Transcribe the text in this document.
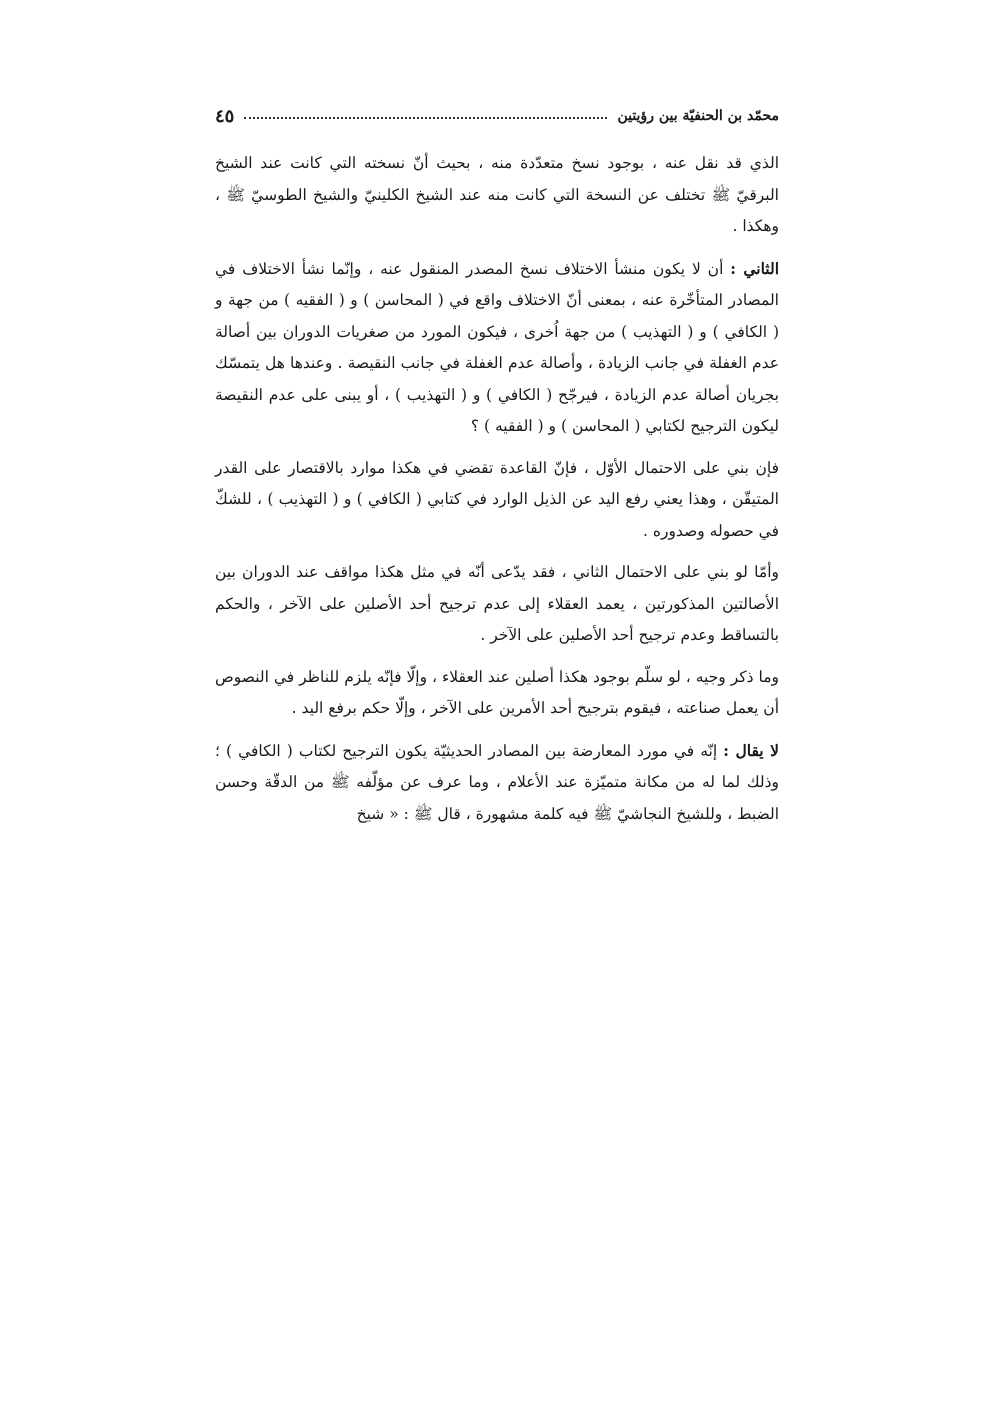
محمّد بن الحنفيّة بين رؤيتين
٤٥

الذي قد نقل عنه ، بوجود نسخ متعدّدة منه ، بحيث أنّ نسخته التي كانت عند الشيخ البرقيّ ﷺ تختلف عن النسخة التي كانت منه عند الشيخ الكلينيّ والشيخ الطوسيّ ﷺ ، وهكذا .

الثاني : أن لا يكون منشأ الاختلاف نسخ المصدر المنقول عنه ، وإنّما نشأ الاختلاف في المصادر المتأخّرة عنه ، بمعنى أنّ الاختلاف واقع في ( المحاسن ) و ( الفقيه ) من جهة و ( الكافي ) و ( التهذيب ) من جهة اُخرى ، فيكون المورد من صغريات الدوران بين أصالة عدم الغفلة في جانب الزيادة ، وأصالة عدم الغفلة في جانب النقيصة . وعندها هل يتمسّك بجريان أصالة عدم الزيادة ، فيرجّح ( الكافي ) و ( التهذيب ) ، أو يبنى على عدم النقيصة ليكون الترجيح لكتابي ( المحاسن ) و ( الفقيه ) ؟

فإن بني على الاحتمال الأوّل ، فإنّ القاعدة تقضي في هكذا موارد بالاقتصار على القدر المتيقّن ، وهذا يعني رفع اليد عن الذيل الوارد في كتابي ( الكافي ) و ( التهذيب ) ، للشكّ في حصوله وصدوره .

وأمّا لو بني على الاحتمال الثاني ، فقد يدّعى أنّه في مثل هكذا مواقف عند الدوران بين الأصالتين المذكورتين ، يعمد العقلاء إلى عدم ترجيح أحد الأصلين على الآخر ، والحكم بالتساقط وعدم ترجيح أحد الأصلين على الآخر .

وما ذكر وجيه ، لو سلّم بوجود هكذا أصلين عند العقلاء ، وإلّا فإنّه يلزم للناظر في النصوص أن يعمل صناعته ، فيقوم بترجيح أحد الأمرين على الآخر ، وإلّا حكم برفع اليد .

لا يقال : إنّه في مورد المعارضة بين المصادر الحديثيّة يكون الترجيح لكتاب ( الكافي ) ؛ وذلك لما له من مكانة متميّزة عند الأعلام ، وما عرف عن مؤلّفه ﷺ من الدقّة وحسن الضبط ، وللشيخ النجاشيّ ﷺ فيه كلمة مشهورة ، قال ﷺ : « شيخ
